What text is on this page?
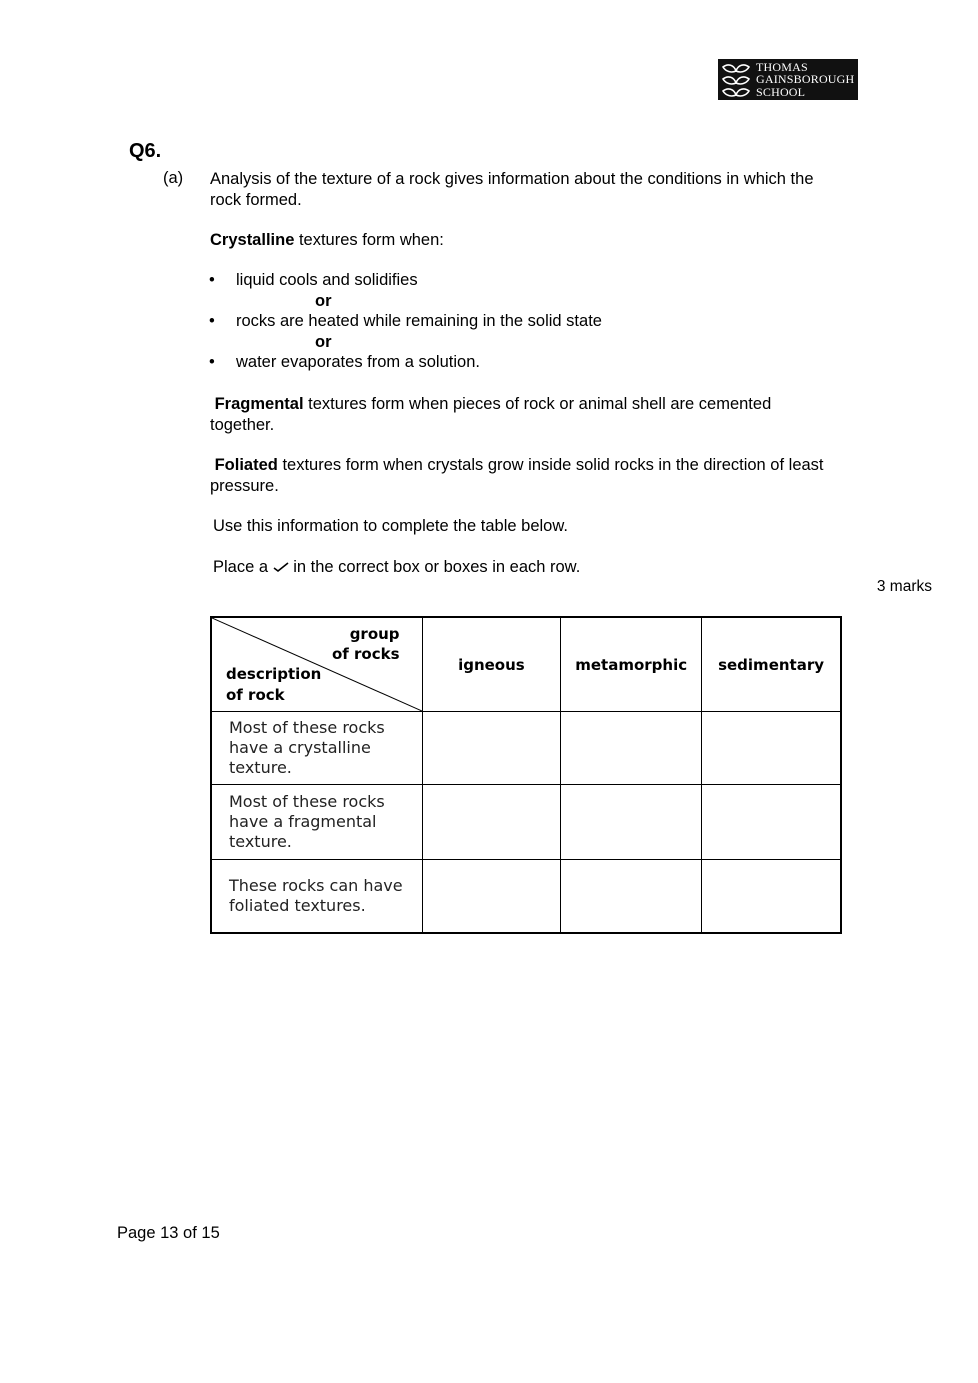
THOMAS
GAINSBOROUGH
SCHOOL
Q6.
(a) Analysis of the texture of a rock gives information about the conditions in which the
rock formed.
Crystalline textures form when:
• liquid cools and solidifies
or
• rocks are heated while remaining in the solid state
or
• water evaporates from a solution.
Fragmental textures form when pieces of rock or animal shell are cemented
together.
Foliated textures form when crystals grow inside solid rocks in the direction of least
pressure.
Use this information to complete the table below.
Place a  in the correct box or boxes in each row.
3 marks
group
of rocks
description
of rock	igneous	metamorphic	sedimentary

Most of these rocks
have a crystalline
texture.			

Most of these rocks
have a fragmental
texture.			

These rocks can have
foliated textures.			

Page 13 of 15
